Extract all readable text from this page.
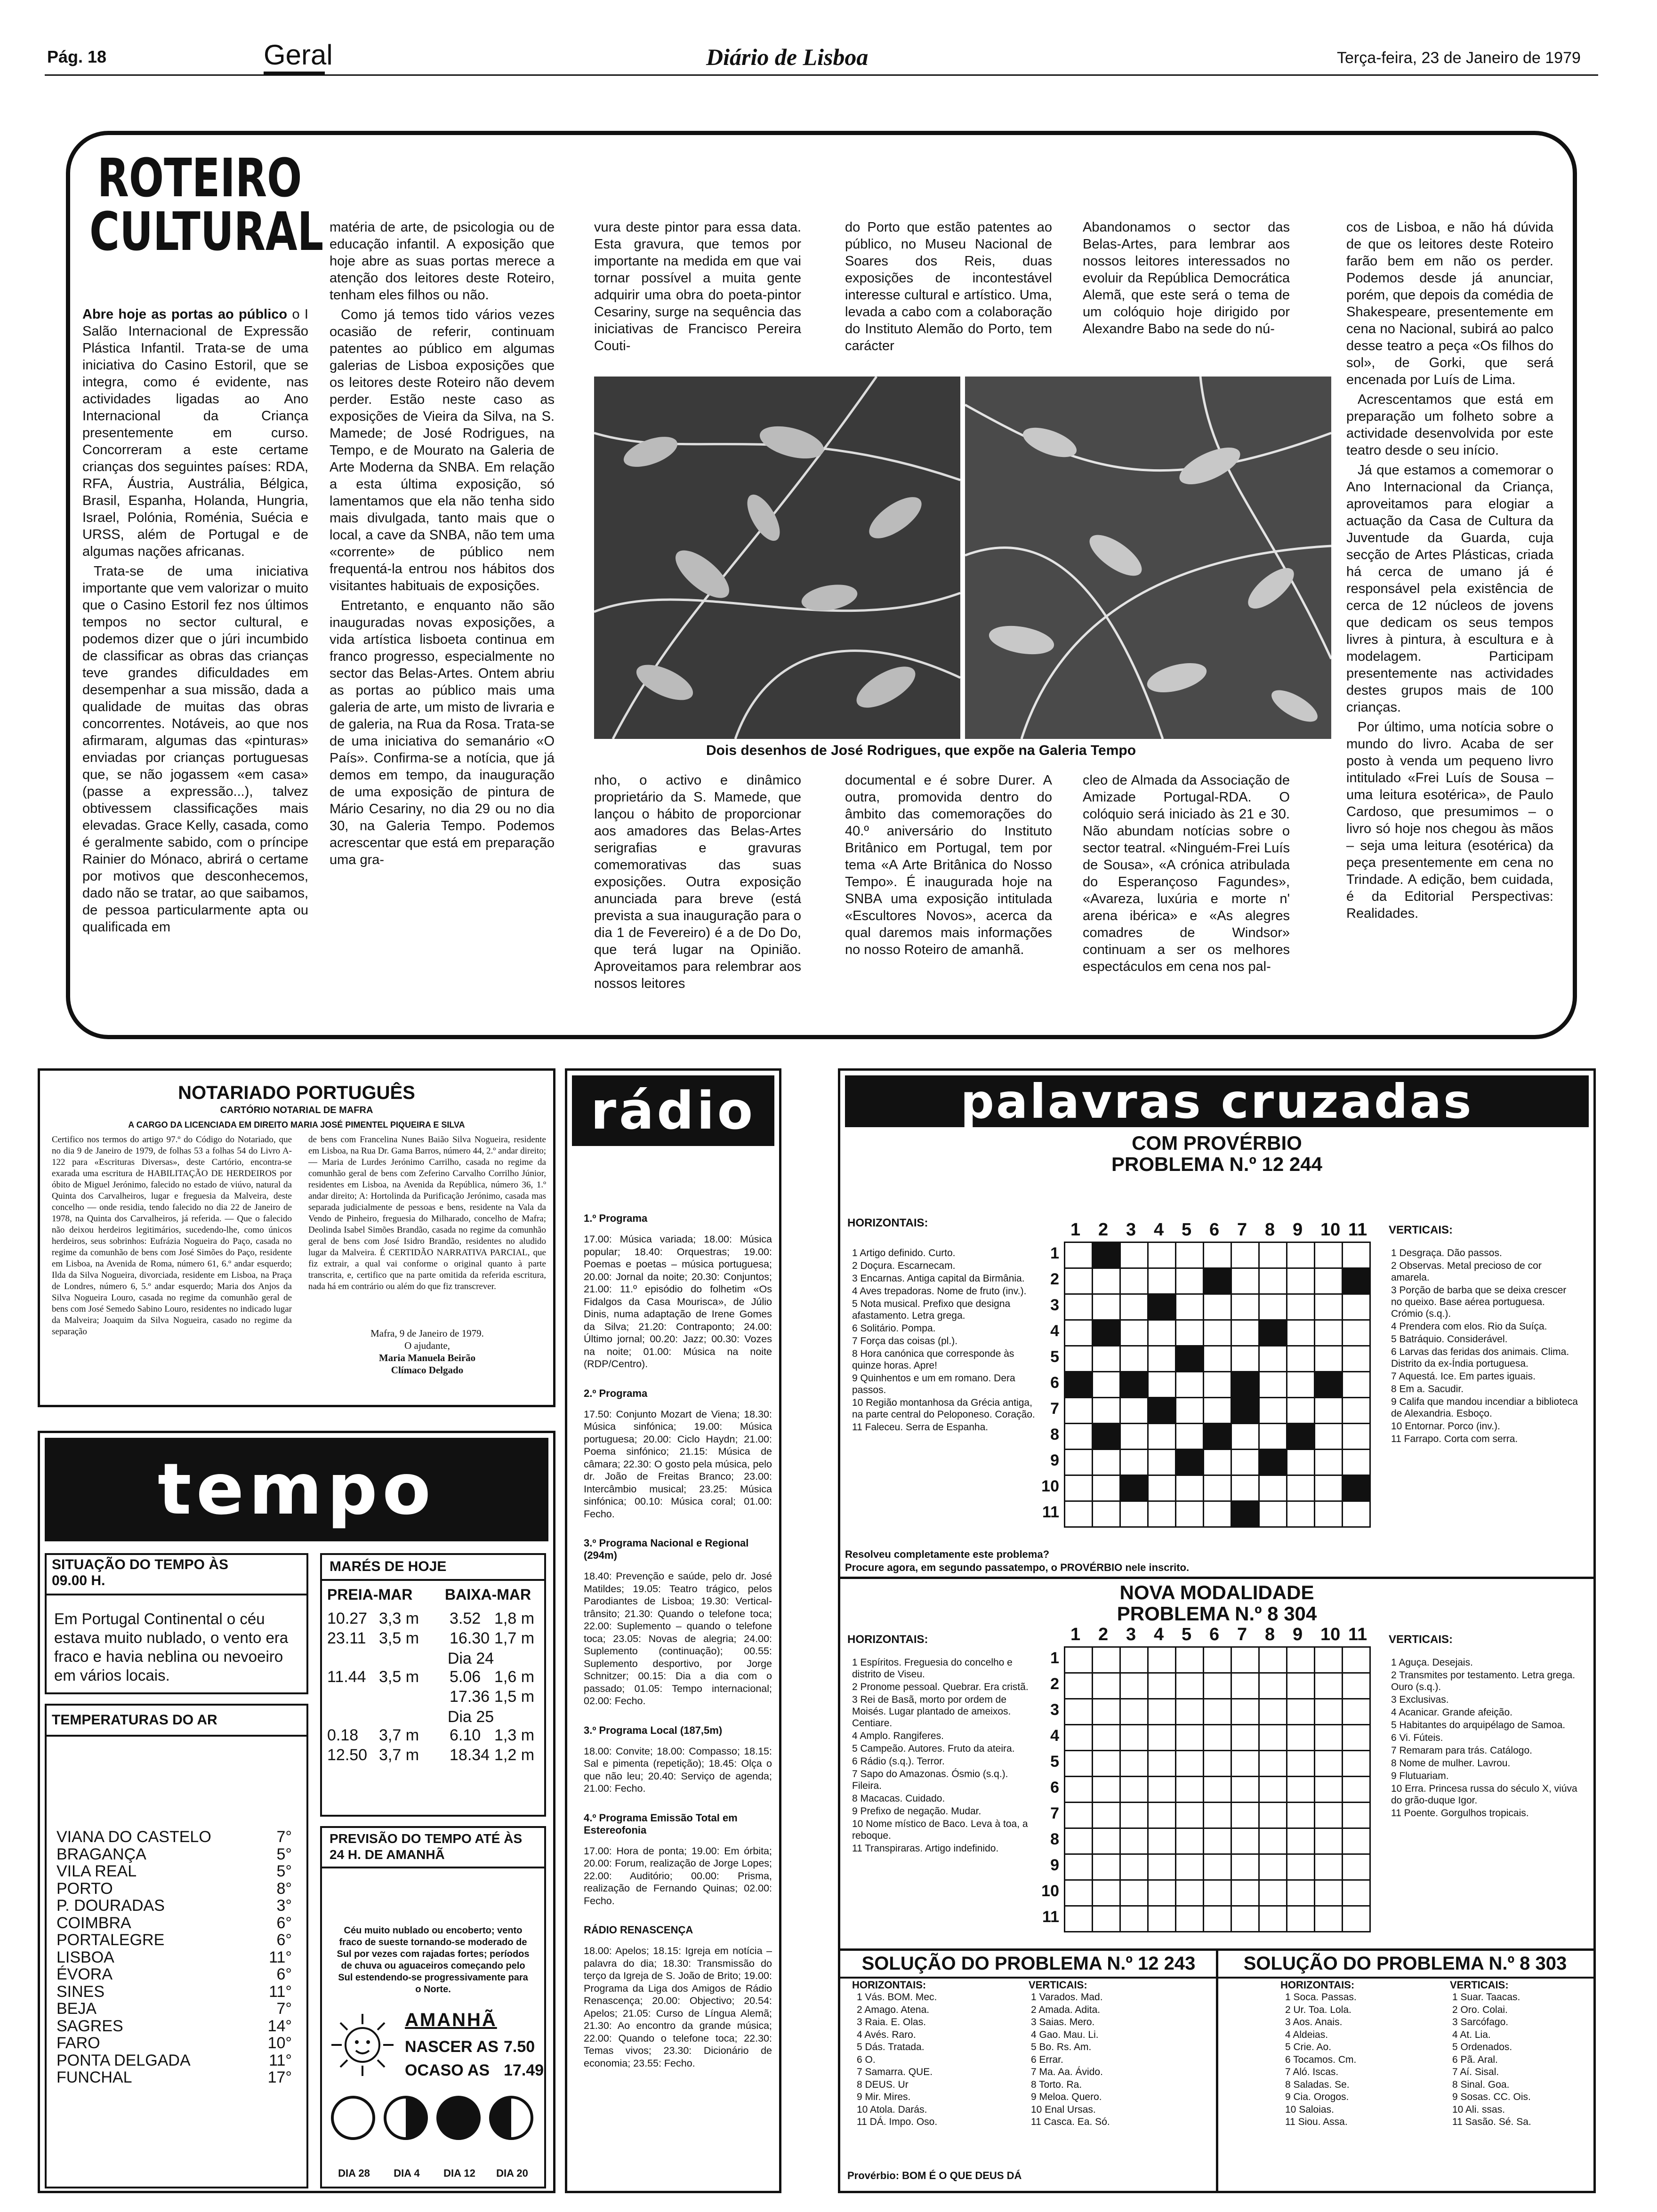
Pág. 18	Geral	Diário de Lisboa	Terça-feira, 23 de Janeiro de 1979
ROTEIRO
CULTURAL

Abre hoje as portas ao público o I Salão Internacional de Expressão Plástica Infantil. Trata-se de uma iniciativa do Casino Estoril, que se integra, como é evidente, nas actividades ligadas ao Ano Internacional da Criança presentemente em curso. Concorreram a este certame crianças dos seguintes países: RDA, RFA, Áustria, Austrália, Bélgica, Brasil, Espanha, Holanda, Hungria, Israel, Polónia, Roménia, Suécia e URSS, além de Portugal e de algumas nações africanas.

Trata-se de uma iniciativa importante que vem valorizar o muito que o Casino Estoril fez nos últimos tempos no sector cultural, e podemos dizer que o júri incumbido de classificar as obras das crianças teve grandes dificuldades em desempenhar a sua missão, dada a qualidade de muitas das obras concorrentes. Notáveis, ao que nos afirmaram, algumas das «pinturas» enviadas por crianças portuguesas que, se não jogassem «em casa» (passe a expressão...), talvez obtivessem classificações mais elevadas. Grace Kelly, casada, como é geralmente sabido, com o príncipe Rainier do Mónaco, abrirá o certame por motivos que desconhecemos, dado não se tratar, ao que saibamos, de pessoa particularmente apta ou qualificada em

matéria de arte, de psicologia ou de educação infantil. A exposição que hoje abre as suas portas merece a atenção dos leitores deste Roteiro, tenham eles filhos ou não.

Como já temos tido vários vezes ocasião de referir, continuam patentes ao público em algumas galerias de Lisboa exposições que os leitores deste Roteiro não devem perder. Estão neste caso as exposições de Vieira da Silva, na S. Mamede; de José Rodrigues, na Tempo, e de Mourato na Galeria de Arte Moderna da SNBA. Em relação a esta última exposição, só lamentamos que ela não tenha sido mais divulgada, tanto mais que o local, a cave da SNBA, não tem uma «corrente» de público nem frequentá-la entrou nos hábitos dos visitantes habituais de exposições.

Entretanto, e enquanto não são inauguradas novas exposições, a vida artística lisboeta continua em franco progresso, especialmente no sector das Belas-Artes. Ontem abriu as portas ao público mais uma galeria de arte, um misto de livraria e de galeria, na Rua da Rosa. Trata-se de uma iniciativa do semanário «O País». Confirma-se a notícia, que já demos em tempo, da inauguração de uma exposição de pintura de Mário Cesariny, no dia 29 ou no dia 30, na Galeria Tempo. Podemos acrescentar que está em preparação uma gra-

vura deste pintor para essa data. Esta gravura, que temos por importante na medida em que vai tornar possível a muita gente adquirir uma obra do poeta-pintor Cesariny, surge na sequência das iniciativas de Francisco Pereira Couti-
do Porto que estão patentes ao público, no Museu Nacional de Soares dos Reis, duas exposições de incontestável interesse cultural e artístico. Uma, levada a cabo com a colaboração do Instituto Alemão do Porto, tem carácter
Abandonamos o sector das Belas-Artes, para lembrar aos nossos leitores interessados no evoluir da República Democrática Alemã, que este será o tema de um colóquio hoje dirigido por Alexandre Babo na sede do nú-
Dois desenhos de José Rodrigues, que expõe na Galeria Tempo
nho, o activo e dinâmico proprietário da S. Mamede, que lançou o hábito de proporcionar aos amadores das Belas-Artes serigrafias e gravuras comemorativas das suas exposições. Outra exposição anunciada para breve (está prevista a sua inauguração para o dia 1 de Fevereiro) é a de Do Do, que terá lugar na Opinião. Aproveitamos para relembrar aos nossos leitores
documental e é sobre Durer. A outra, promovida dentro do âmbito das comemorações do 40.º aniversário do Instituto Britânico em Portugal, tem por tema «A Arte Britânica do Nosso Tempo». É inaugurada hoje na SNBA uma exposição intitulada «Escultores Novos», acerca da qual daremos mais informações no nosso Roteiro de amanhã.
cleo de Almada da Associação de Amizade Portugal-RDA. O colóquio será iniciado às 21 e 30. Não abundam notícias sobre o sector teatral. «Ninguém-Frei Luís de Sousa», «A crónica atribulada do Esperançoso Fagundes», «Avareza, luxúria e morte n' arena ibérica» e «As alegres comadres de Windsor» continuam a ser os melhores espectáculos em cena nos pal-

cos de Lisboa, e não há dúvida de que os leitores deste Roteiro farão bem em não os perder. Podemos desde já anunciar, porém, que depois da comédia de Shakespeare, presentemente em cena no Nacional, subirá ao palco desse teatro a peça «Os filhos do sol», de Gorki, que será encenada por Luís de Lima.

Acrescentamos que está em preparação um folheto sobre a actividade desenvolvida por este teatro desde o seu início.

Já que estamos a comemorar o Ano Internacional da Criança, aproveitamos para elogiar a actuação da Casa de Cultura da Juventude da Guarda, cuja secção de Artes Plásticas, criada há cerca de umano já é responsável pela existência de cerca de 12 núcleos de jovens que dedicam os seus tempos livres à pintura, à escultura e à modelagem. Participam presentemente nas actividades destes grupos mais de 100 crianças.

Por último, uma notícia sobre o mundo do livro. Acaba de ser posto à venda um pequeno livro intitulado «Frei Luís de Sousa – uma leitura esotérica», de Paulo Cardoso, que presumimos – o livro só hoje nos chegou às mãos – seja uma leitura (esotérica) da peça presentemente em cena no Trindade. A edição, bem cuidada, é da Editorial Perspectivas: Realidades.

NOTARIADO PORTUGUÊS
CARTÓRIO NOTARIAL DE MAFRA
A CARGO DA LICENCIADA EM DIREITO MARIA JOSÉ PIMENTEL PIQUEIRA E SILVA
Certifico nos termos do artigo 97.º do Código do Notariado, que no dia 9 de Janeiro de 1979, de folhas 53 a folhas 54 do Livro A-122 para «Escrituras Diversas», deste Cartório, encontra-se exarada uma escritura de HABILITAÇÃO DE HERDEIROS por óbito de Miguel Jerónimo, falecido no estado de viúvo, natural da Quinta dos Carvalheiros, lugar e freguesia da Malveira, deste concelho — onde residia, tendo falecido no dia 22 de Janeiro de 1978, na Quinta dos Carvalheiros, já referida. — Que o falecido não deixou herdeiros legitimários, sucedendo-lhe, como únicos herdeiros, seus sobrinhos: Eufrázia Nogueira do Paço, casada no regime da comunhão de bens com José Simões do Paço, residente em Lisboa, na Avenida de Roma, número 61, 6.º andar esquerdo; Ilda da Silva Nogueira, divorciada, residente em Lisboa, na Praça de Londres, número 6, 5.º andar esquerdo; Maria dos Anjos da Silva Nogueira Louro, casada no regime da comunhão geral de bens com José Semedo Sabino Louro, residentes no indicado lugar da Malveira; Joaquim da Silva Nogueira, casado no regime da separação
de bens com Francelina Nunes Baião Silva Nogueira, residente em Lisboa, na Rua Dr. Gama Barros, número 44, 2.º andar direito; — Maria de Lurdes Jerónimo Carrilho, casada no regime da comunhão geral de bens com Zeferino Carvalho Corrilho Júnior, residentes em Lisboa, na Avenida da República, número 36, 1.º andar direito; A: Hortolinda da Purificação Jerónimo, casada mas separada judicialmente de pessoas e bens, residente na Vala da Vendo de Pinheiro, freguesia do Milharado, concelho de Mafra; Deolinda Isabel Simões Brandão, casada no regime da comunhão geral de bens com José Isidro Brandão, residentes no aludido lugar da Malveira. É CERTIDÃO NARRATIVA PARCIAL, que fiz extrair, a qual vai conforme o original quanto à parte transcrita, e, certifico que na parte omitida da referida escritura, nada há em contrário ou além do que fiz transcrever.
Mafra, 9 de Janeiro de 1979.
O ajudante,
Maria Manuela Beirão
Clímaco Delgado
tempo
SITUAÇÃO DO TEMPO ÀS 09.00 H.
Em Portugal Continental o céu estava muito nublado, o vento era fraco e havia neblina ou nevoeiro em vários locais.
TEMPERATURAS DO AR
VIANA DO CASTELO	7°
BRAGANÇA	5°
VILA REAL	5°
PORTO	8°
P. DOURADAS	3°
COIMBRA	6°
PORTALEGRE	6°
LISBOA	11°
ÉVORA	6°
SINES	11°
BEJA	7°
SAGRES	14°
FARO	10°
PONTA DELGADA	11°
FUNCHAL	17°
MARÉS DE HOJE
PREIA-MAR BAIXA-MAR
10.27 3,3 m 3.52 1,8 m
23.11 3,5 m 16.30 1,7 m
Dia 24
11.44 3,5 m 5.06 1,6 m
17.36 1,5 m
Dia 25
0.18 3,7 m 6.10 1,3 m
12.50 3,7 m 18.34 1,2 m
PREVISÃO DO TEMPO ATÉ ÀS 24 H. DE AMANHÃ
Céu muito nublado ou encoberto; vento fraco de sueste tornando-se moderado de Sul por vezes com rajadas fortes; períodos de chuva ou aguaceiros começando pelo Sul estendendo-se progressivamente para o Norte.
AMANHÃ
NASCER AS 7.50
OCASO AS 17.49
DIA 28	DIA 4	DIA 12	DIA 20
rádio
1.º Programa
17.00: Música variada; 18.00: Música popular; 18.40: Orquestras; 19.00: Poemas e poetas – música portuguesa; 20.00: Jornal da noite; 20.30: Conjuntos; 21.00: 11.º episódio do folhetim «Os Fidalgos da Casa Mourisca», de Júlio Dinis, numa adaptação de Irene Gomes da Silva; 21.20: Contraponto; 24.00: Último jornal; 00.20: Jazz; 00.30: Vozes na noite; 01.00: Música na noite (RDP/Centro).
2.º Programa
17.50: Conjunto Mozart de Viena; 18.30: Música sinfónica; 19.00: Música portuguesa; 20.00: Ciclo Haydn; 21.00: Poema sinfónico; 21.15: Música de câmara; 22.30: O gosto pela música, pelo dr. João de Freitas Branco; 23.00: Intercâmbio musical; 23.25: Música sinfónica; 00.10: Música coral; 01.00: Fecho.
3.º Programa Nacional e Regional (294m)
18.40: Prevenção e saúde, pelo dr. José Matildes; 19.05: Teatro trágico, pelos Parodiantes de Lisboa; 19.30: Vertical-trânsito; 21.30: Quando o telefone toca; 22.00: Suplemento – quando o telefone toca; 23.05: Novas de alegria; 24.00: Suplemento (continuação); 00.55: Suplemento desportivo, por Jorge Schnitzer; 00.15: Dia a dia com o passado; 01.05: Tempo internacional; 02.00: Fecho.
3.º Programa Local (187,5m)
18.00: Convite; 18.00: Compasso; 18.15: Sal e pimenta (repetição); 18.45: Olça o que não leu; 20.40: Serviço de agenda; 21.00: Fecho.
4.º Programa Emissão Total em Estereofonia
17.00: Hora de ponta; 19.00: Em órbita; 20.00: Forum, realização de Jorge Lopes; 22.00: Auditório; 00.00: Prisma, realização de Fernando Quinas; 02.00: Fecho.
RÁDIO RENASCENÇA
18.00: Apelos; 18.15: Igreja em notícia – palavra do dia; 18.30: Transmissão do terço da Igreja de S. João de Brito; 19.00: Programa da Liga dos Amigos de Rádio Renascença; 20.00: Objectivo; 20.54: Apelos; 21.05: Curso de Língua Alemã; 21.30: Ao encontro da grande música; 22.00: Quando o telefone toca; 22.30: Temas vivos; 23.30: Dicionário de economia; 23.55: Fecho.
palavras cruzadas
COM PROVÉRBIO
PROBLEMA N.º 12 244
HORIZONTAIS:
1 Artigo definido. Curto.
2 Doçura. Escarnecam.
3 Encarnas. Antiga capital da Birmânia.
4 Aves trepadoras. Nome de fruto (inv.).
5 Nota musical. Prefixo que designa afastamento. Letra grega.
6 Solitário. Pompa.
7 Força das coisas (pl.).
8 Hora canónica que corresponde às quinze horas. Apre!
9 Quinhentos e um em romano. Dera passos.
10 Região montanhosa da Grécia antiga, na parte central do Peloponeso. Coração.
11 Faleceu. Serra de Espanha.
1 2 3 4 5 6 7 8 9 10 11
1
2
3
4
5
6
7
8
9
10
11

VERTICAIS:
1 Desgraça. Dão passos.
2 Observas. Metal precioso de cor amarela.
3 Porção de barba que se deixa crescer no queixo. Base aérea portuguesa. Crómio (s.q.).
4 Prendera com elos. Rio da Suíça.
5 Batráquio. Considerável.
6 Larvas das feridas dos animais. Clima. Distrito da ex-Índia portuguesa.
7 Aquestá. Ice. Em partes iguais.
8 Em a. Sacudir.
9 Califa que mandou incendiar a biblioteca de Alexandria. Esboço.
10 Entornar. Porco (inv.).
11 Farrapo. Corta com serra.
Resolveu completamente este problema?
Procure agora, em segundo passatempo, o PROVÉRBIO nele inscrito.
NOVA MODALIDADE
PROBLEMA N.º 8 304
HORIZONTAIS:
1 Espíritos. Freguesia do concelho e distrito de Viseu.
2 Pronome pessoal. Quebrar. Era cristã.
3 Rei de Basã, morto por ordem de Moisés. Lugar plantado de ameixos. Centiare.
4 Amplo. Rangiferes.
5 Campeão. Autores. Fruto da ateira.
6 Rádio (s.q.). Terror.
7 Sapo do Amazonas. Ósmio (s.q.). Fileira.
8 Macacas. Cuidado.
9 Prefixo de negação. Mudar.
10 Nome místico de Baco. Leva à toa, a reboque.
11 Transpiraras. Artigo indefinido.
1 2 3 4 5 6 7 8 9 10 11
1
2
3
4
5
6
7
8
9
10
11

VERTICAIS:
1 Aguça. Desejais.
2 Transmites por testamento. Letra grega. Ouro (s.q.).
3 Exclusivas.
4 Acanicar. Grande afeição.
5 Habitantes do arquipélago de Samoa.
6 Vi. Fúteis.
7 Remaram para trás. Catálogo.
8 Nome de mulher. Lavrou.
9 Flutuariam.
10 Erra. Princesa russa do século X, viúva do grão-duque Igor.
11 Poente. Gorgulhos tropicais.
SOLUÇÃO DO PROBLEMA N.º 12 243	SOLUÇÃO DO PROBLEMA N.º 8 303
HORIZONTAIS:
1 Vás. BOM. Mec.
2 Amago. Atena.
3 Raia. E. Olas.
4 Avés. Raro.
5 Dás. Tratada.
6 O.
7 Samarra. QUE.
8 DEUS. Ur
9 Mir. Mires.
10 Atola. Darás.
11 DÁ. Impo. Oso.
VERTICAIS:
1 Varados. Mad.
2 Amada. Adita.
3 Saias. Mero.
4 Gao. Mau. Li.
5 Bo. Rs. Am.
6 Errar.
7 Ma. Aa. Ávido.
8 Torto. Ra.
9 Meloa. Quero.
10 Enal Ursas.
11 Casca. Ea. Só.
Provérbio: BOM É O QUE DEUS DÁ
HORIZONTAIS:
1 Soca. Passas.
2 Ur. Toa. Lola.
3 Aos. Anais.
4 Aldeias.
5 Crie. Ao.
6 Tocamos. Cm.
7 Aló. Iscas.
8 Saladas. Se.
9 Cia. Orogos.
10 Saloias.
11 Siou. Assa.
VERTICAIS:
1 Suar. Taacas.
2 Oro. Colai.
3 Sarcófago.
4 At. Lia.
5 Ordenados.
6 Pã. Aral.
7 Aí. Sisal.
8 Sinal. Goa.
9 Sosas. CC. Ois.
10 Ali. ssas.
11 Sasão. Sé. Sa.
